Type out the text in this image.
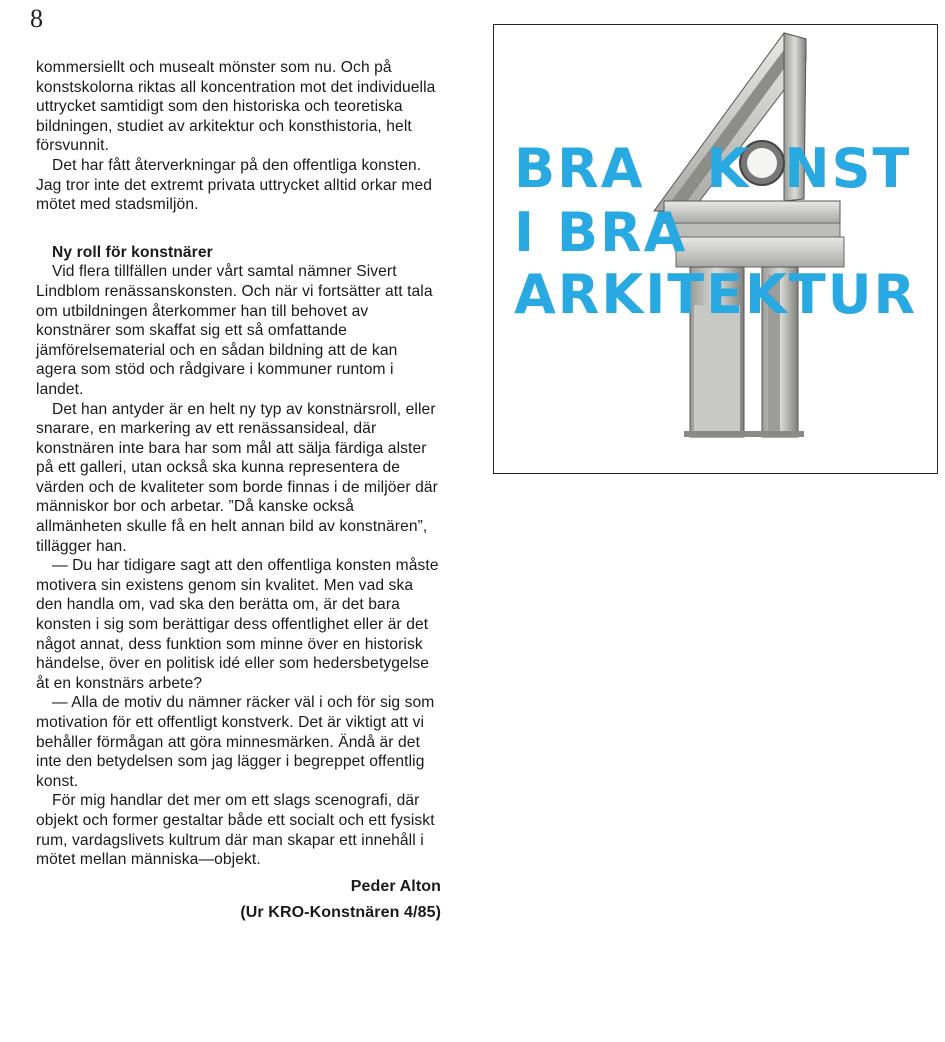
8

kommersiellt och musealt mönster som nu. Och på konstskolorna riktas all koncentration mot det individuella uttrycket samtidigt som den historiska och teoretiska bildningen, studiet av arkitektur och konsthistoria, helt försvunnit.

Det har fått återverkningar på den offentliga konsten. Jag tror inte det extremt privata uttrycket alltid orkar med mötet med stadsmiljön.

Ny roll för konstnärer

Vid flera tillfällen under vårt samtal nämner Sivert Lindblom renässanskonsten. Och när vi fortsätter att tala om utbildningen återkommer han till behovet av konstnärer som skaffat sig ett så omfattande jämförelsematerial och en sådan bildning att de kan agera som stöd och rådgivare i kommuner runtom i landet.

Det han antyder är en helt ny typ av konstnärsroll, eller snarare, en markering av ett renässansideal, där konstnären inte bara har som mål att sälja färdiga alster på ett galleri, utan också ska kunna representera de värden och de kvaliteter som borde finnas i de miljöer där människor bor och arbetar. ”Då kanske också allmänheten skulle få en helt annan bild av konstnären”, tillägger han.

— Du har tidigare sagt att den offentliga konsten måste motivera sin existens genom sin kvalitet. Men vad ska den handla om, vad ska den berätta om, är det bara konsten i sig som berättigar dess offentlighet eller är det något annat, dess funktion som minne över en historisk händelse, över en politisk idé eller som hedersbetygelse åt en konstnärs arbete?

— Alla de motiv du nämner räcker väl i och för sig som motivation för ett offentligt konstverk. Det är viktigt att vi behåller förmågan att göra minnesmärken. Ändå är det inte den betydelsen som jag lägger i begreppet offentlig konst.

För mig handlar det mer om ett slags scenografi, där objekt och former gestaltar både ett socialt och ett fysiskt rum, vardagslivets kultrum där man skapar ett innehåll i mötet mellan människa—objekt.

Peder Alton
(Ur KRO-Konstnären 4/85)
BRA K NST
I BRA
ARKITEKTUR
